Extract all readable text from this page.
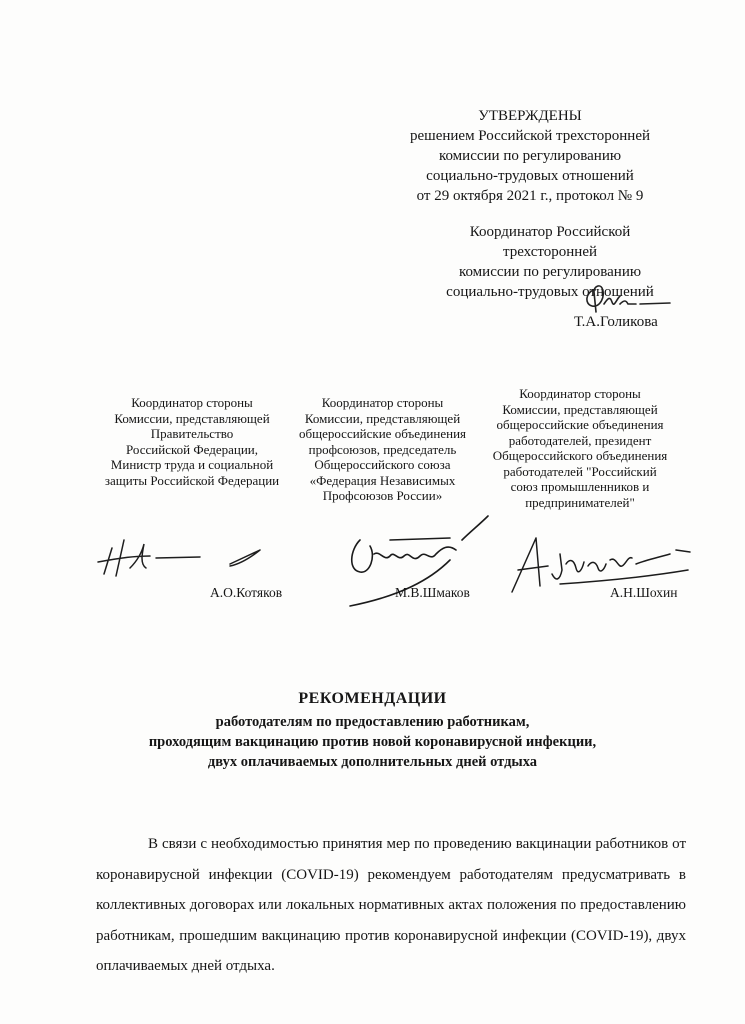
УТВЕРЖДЕНЫ
решением Российской трехсторонней
комиссии по регулированию
социально-трудовых отношений
от 29 октября 2021 г., протокол № 9
Координатор Российской
трехсторонней
комиссии по регулированию
социально-трудовых отношений
Т.А.Голикова
Координатор стороны
Комиссии, представляющей
Правительство
Российской Федерации,
Министр труда и социальной
защиты Российской Федерации
Координатор стороны
Комиссии, представляющей
общероссийские объединения
профсоюзов, председатель
Общероссийского союза
«Федерация Независимых
Профсоюзов России»
Координатор стороны
Комиссии, представляющей
общероссийские объединения
работодателей, президент
Общероссийского объединения
работодателей "Российский
союз промышленников и
предпринимателей"
А.О.Котяков	М.В.Шмаков	А.Н.Шохин
РЕКОМЕНДАЦИИ
работодателям по предоставлению работникам,
проходящим вакцинацию против новой коронавирусной инфекции,
двух оплачиваемых дополнительных дней отдыха

В связи с необходимостью принятия мер по проведению вакцинации работников от коронавирусной инфекции (COVID-19) рекомендуем работодателям предусматривать в коллективных договорах или локальных нормативных актах положения по предоставлению работникам, прошедшим вакцинацию против коронавирусной инфекции (COVID-19), двух оплачиваемых дней отдыха.
